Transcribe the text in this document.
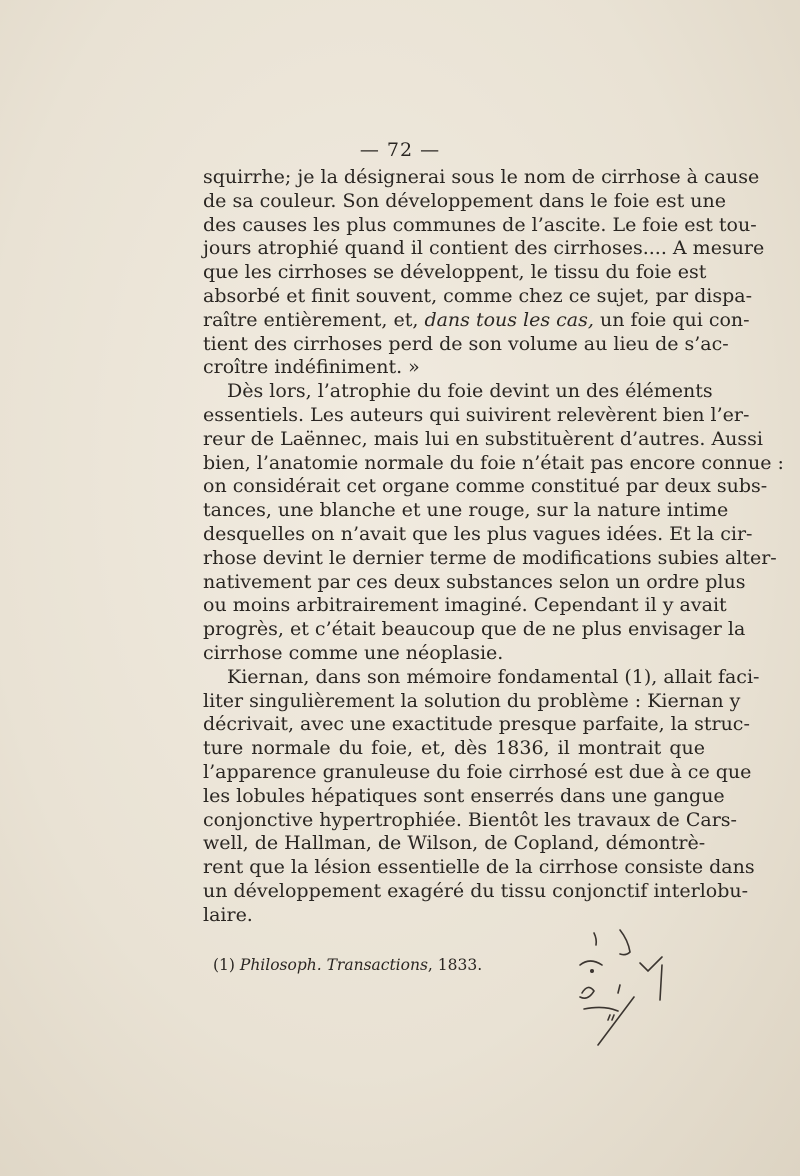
— 72 —
squirrhe; je la désignerai sous le nom de cirrhose à cause
de sa couleur. Son développement dans le foie est une
des causes les plus communes de l’ascite. Le foie est tou-
jours atrophié quand il contient des cirrhoses.... A mesure
que les cirrhoses se développent, le tissu du foie est
absorbé et finit souvent, comme chez ce sujet, par dispa-
raître entièrement, et, dans tous les cas, un foie qui con-
tient des cirrhoses perd de son volume au lieu de s’ac-
croître indéfiniment. »
Dès lors, l’atrophie du foie devint un des éléments
essentiels. Les auteurs qui suivirent relevèrent bien l’er-
reur de Laënnec, mais lui en substituèrent d’autres. Aussi
bien, l’anatomie normale du foie n’était pas encore connue :
on considérait cet organe comme constitué par deux subs-
tances, une blanche et une rouge, sur la nature intime
desquelles on n’avait que les plus vagues idées. Et la cir-
rhose devint le dernier terme de modifications subies alter-
nativement par ces deux substances selon un ordre plus
ou moins arbitrairement imaginé. Cependant il y avait
progrès, et c’était beaucoup que de ne plus envisager la
cirrhose comme une néoplasie.
Kiernan, dans son mémoire fondamental (1), allait faci-
liter singulièrement la solution du problème : Kiernan y
décrivait, avec une exactitude presque parfaite, la struc-
ture normale du foie, et, dès 1836, il montrait que
l’apparence granuleuse du foie cirrhosé est due à ce que
les lobules hépatiques sont enserrés dans une gangue
conjonctive hypertrophiée. Bientôt les travaux de Cars-
well, de Hallman, de Wilson, de Copland, démontrè-
rent que la lésion essentielle de la cirrhose consiste dans
un développement exagéré du tissu conjonctif interlobu-
laire.
(1) Philosoph. Transactions, 1833.
